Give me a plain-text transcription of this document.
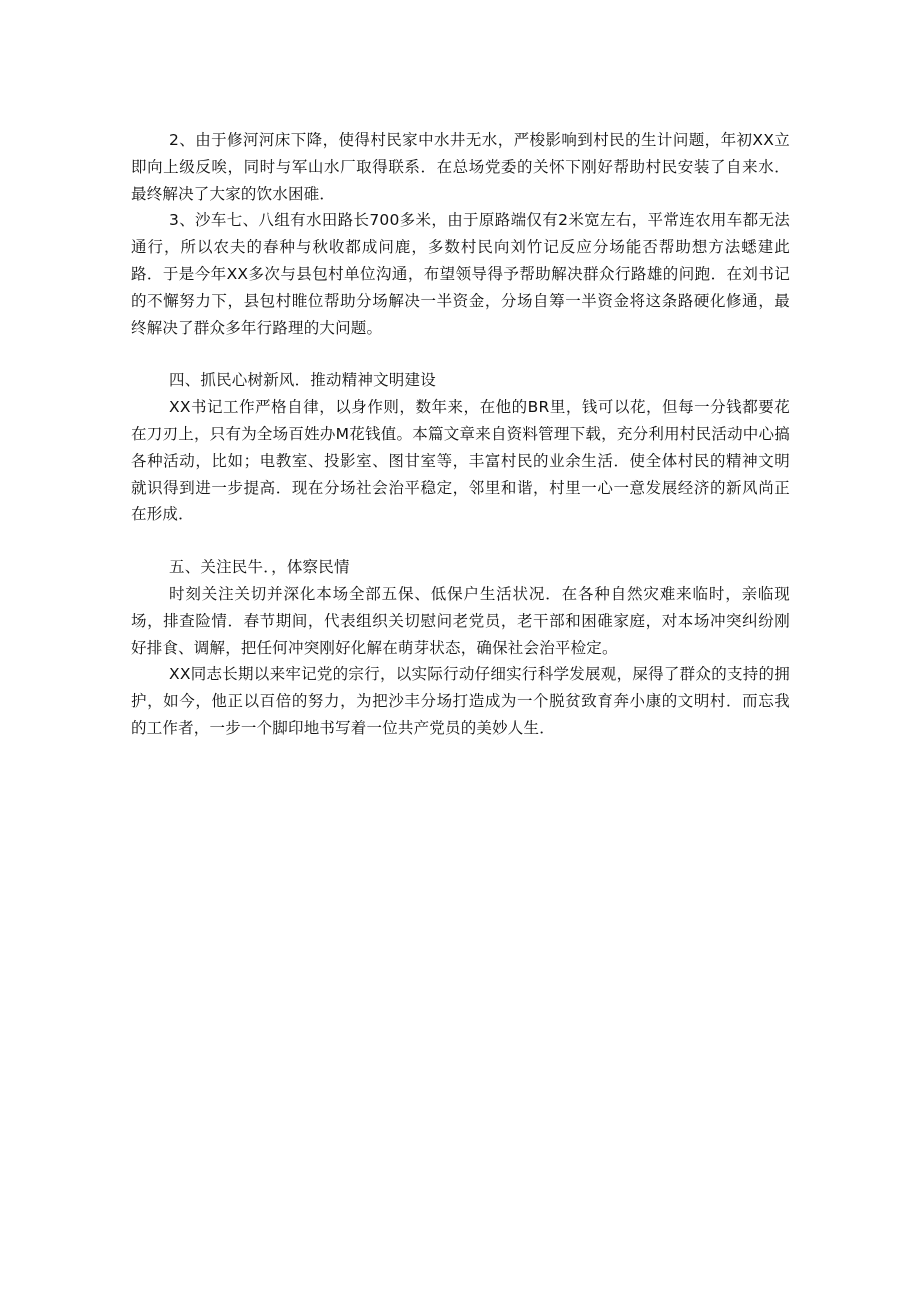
2、由于修河河床下降，使得村民家中水井无水，严梭影响到村民的生计问题，年初XX立即向上级反唉，同时与军山水厂取得联系．在总场党委的关怀下刚好帮助村民安装了自来水．最终解决了大家的饮水困碓．

3、沙车七、八组有水田路长700多米，由于原路端仅有2米宽左右，平常连农用车都无法通行，所以农夫的春种与秋收都成问鹿，多数村民向刘竹记反应分场能否帮助想方法蟋建此路．于是今年XX多次与县包村单位沟通，布望领导得予帮助解决群众行路雄的问跑．在刘书记的不懈努力下，县包村睢位帮助分场解决一半资金，分场自筹一半资金将这条路硬化修通，最终解决了群众多年行路理的大问题。

四、抓民心树新风．推动精神文明建设

XX书记工作严格自律，以身作则，数年来，在他的BR里，钱可以花，但每一分钱都要花在刀刃上，只有为全场百姓办M花钱值。本篇文章来自资料管理下载，充分利用村民活动中心搞各种活动，比如；电教室、投影室、图甘室等，丰富村民的业余生活．使全体村民的精神文明就识得到进一步提高．现在分场社会治平稳定，邻里和谐，村里一心一意发展经济的新风尚正在形成．

五、关注民牛．，体察民情

时刻关注关切并深化本场全部五保、低保户生活状况．在各种自然灾难来临时，亲临现场，排查险情．春节期间，代表组织关切慰问老党员，老干部和困碓家庭，对本场冲突纠纷刚好排食、调解，把任何冲突刚好化解在萌芽状态，确保社会治平检定。

XX同志长期以来牢记党的宗行，以实际行动仔细实行科学发展观，屎得了群众的支持的拥护，如今，他正以百倍的努力，为把沙丰分场打造成为一个脱贫致育奔小康的文明村．而忘我的工作者，一步一个脚印地书写着一位共产党员的美妙人生．
